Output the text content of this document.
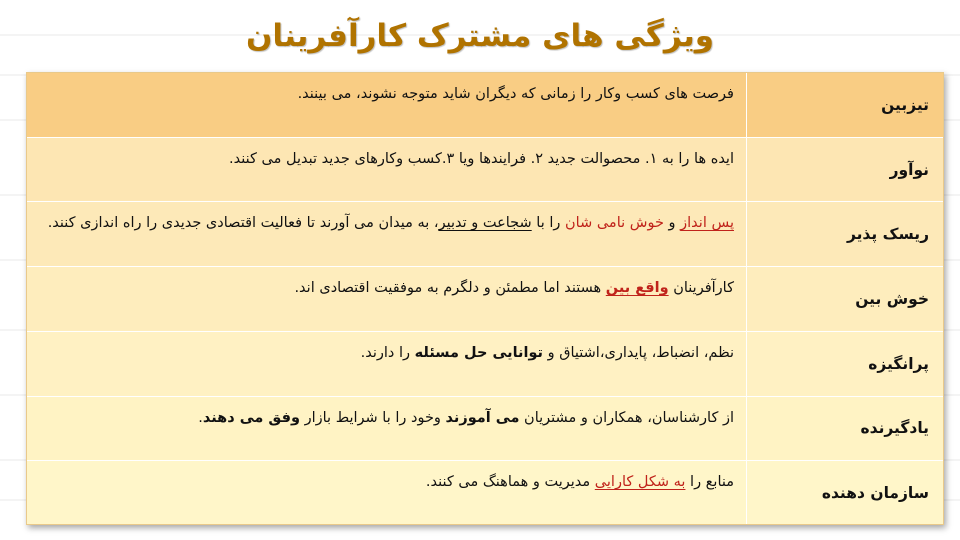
ویژگی های مشترک کارآفرینان
تیزبین
فرصت های کسب وکار را زمانی که دیگران شاید متوجه نشوند، می بینند.
نوآور
ایده ها را به ۱. محصوالت جدید ۲. فرایندها ویا ۳.کسب وکارهای جدید تبدیل می کنند.
ریسک پذیر
پس انداز و خوش نامی شان را با شجاعت و تدبیر، به میدان می آورند تا فعالیت اقتصادی جدیدی را راه اندازی کنند.
خوش بین
کارآفرینان واقع بین هستند اما مطمئن و دلگرم به موفقیت اقتصادی اند.
پرانگیزه
نظم، انضباط، پایداری،اشتیاق و توانایی حل مسئله را دارند.
یادگیرنده
از کارشناسان، همکاران و مشتریان می آموزند وخود را با شرایط بازار وفق می دهند.
سازمان دهنده
منابع را به شکل کارایی مدیریت و هماهنگ می کنند.
